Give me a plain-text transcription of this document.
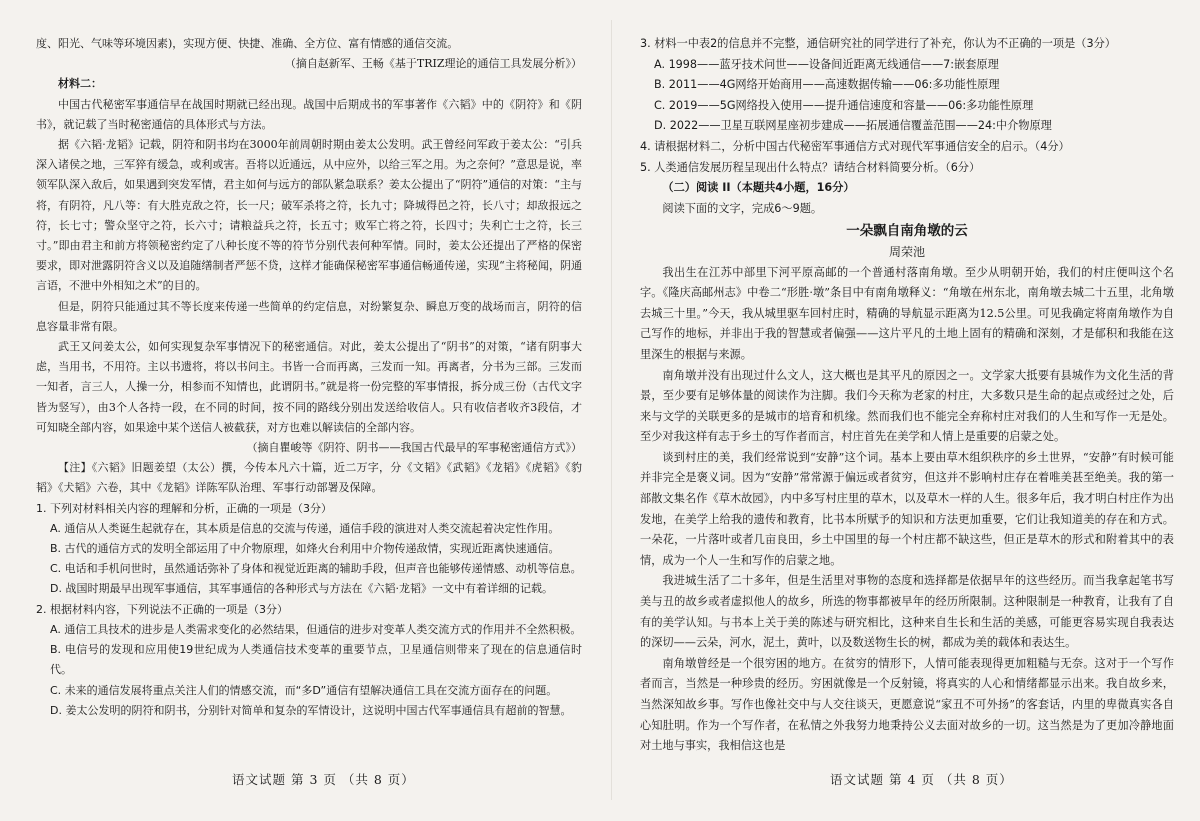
度、阳光、气味等环境因素)，实现方便、快捷、准确、全方位、富有情感的通信交流。

（摘自赵新军、王畅《基于TRIZ理论的通信工具发展分析》）

材料二：

中国古代秘密军事通信早在战国时期就已经出现。战国中后期成书的军事著作《六韬》中的《阴符》和《阴书》，就记载了当时秘密通信的具体形式与方法。

据《六韬·龙韬》记载，阴符和阴书均在3000年前周朝时期由姜太公发明。武王曾经问军政于姜太公：“引兵深入诸侯之地，三军猝有缓急，或利或害。吾将以近通远，从中应外，以给三军之用。为之奈何？”意思是说，率领军队深入敌后，如果遇到突发军情，君主如何与远方的部队紧急联系？姜太公提出了“阴符”通信的对策：“主与将，有阴符，凡八等：有大胜克敌之符，长一尺；破军杀将之符，长九寸；降城得邑之符，长八寸；却敌报远之符，长七寸；警众坚守之符，长六寸；请粮益兵之符，长五寸；败军亡将之符，长四寸；失利亡士之符，长三寸。”即由君主和前方将领秘密约定了八种长度不等的符节分别代表何种军情。同时，姜太公还提出了严格的保密要求，即对泄露阴符含义以及追随缮制者严惩不贷，这样才能确保秘密军事通信畅通传递，实现“主将秘闻，阴通言语，不泄中外相知之术”的目的。

但是，阴符只能通过其不等长度来传递一些简单的约定信息，对纷繁复杂、瞬息万变的战场而言，阴符的信息容量非常有限。

武王又问姜太公，如何实现复杂军事情况下的秘密通信。对此，姜太公提出了“阴书”的对策，“诸有阴事大虑，当用书，不用符。主以书遗将，将以书问主。书皆一合而再离，三发而一知。再离者，分书为三部。三发而一知者，言三人，人操一分，相参而不知情也，此谓阴书。”就是将一份完整的军事情报，拆分成三份（古代文字皆为竖写），由3个人各持一段，在不同的时间，按不同的路线分别出发送给收信人。只有收信者收齐3段信，才可知晓全部内容，如果途中某个送信人被截获，对方也难以解读信的全部内容。

（摘自瞿峻等《阴符、阴书——我国古代最早的军事秘密通信方式》）

【注】《六韬》旧题姜望（太公）撰，今传本凡六十篇，近二万字，分《文韬》《武韬》《龙韬》《虎韬》《豹韬》《犬韬》六卷，其中《龙韬》详陈军队治理、军事行动部署及保障。

1. 下列对材料相关内容的理解和分析，正确的一项是（3分）

A. 通信从人类诞生起就存在，其本质是信息的交流与传递，通信手段的演进对人类交流起着决定性作用。

B. 古代的通信方式的发明全部运用了中介物原理，如烽火台利用中介物传递敌情，实现近距离快速通信。

C. 电话和手机问世时，虽然通话弥补了身体和视觉近距离的辅助手段，但声音也能够传递情感、动机等信息。

D. 战国时期最早出现军事通信，其军事通信的各种形式与方法在《六韬·龙韬》一文中有着详细的记载。

2. 根据材料内容，下列说法不正确的一项是（3分）

A. 通信工具技术的进步是人类需求变化的必然结果，但通信的进步对变革人类交流方式的作用并不全然积极。

B. 电信号的发现和应用使19世纪成为人类通信技术变革的重要节点，卫星通信则带来了现在的信息通信时代。

C. 未来的通信发展将重点关注人们的情感交流，而“多D”通信有望解决通信工具在交流方面存在的问题。

D. 姜太公发明的阴符和阴书，分别针对简单和复杂的军情设计，这说明中国古代军事通信具有超前的智慧。

语文试题 第 3 页 （共 8 页）

3. 材料一中表2的信息并不完整，通信研究社的同学进行了补充，你认为不正确的一项是（3分）

A. 1998——蓝牙技术问世——设备间近距离无线通信——7:嵌套原理

B. 2011——4G网络开始商用——高速数据传输——06:多功能性原理

C. 2019——5G网络投入使用——提升通信速度和容量——06:多功能性原理

D. 2022——卫星互联网星座初步建成——拓展通信覆盖范围——24:中介物原理

4. 请根据材料二，分析中国古代秘密军事通信方式对现代军事通信安全的启示。（4分）

5. 人类通信发展历程呈现出什么特点？请结合材料简要分析。（6分）

（二）阅读 II（本题共4小题，16分）

阅读下面的文字，完成6～9题。

一朵飘自南角墩的云

周荣池

我出生在江苏中部里下河平原高邮的一个普通村落南角墩。至少从明朝开始，我们的村庄便叫这个名字。《隆庆高邮州志》中卷二“形胜·墩”条目中有南角墩释义：“角墩在州东北，南角墩去城二十五里，北角墩去城三十里。”今天，我从城里驱车回村庄时，精确的导航显示距离为12.5公里。可见我确定将南角墩作为自己写作的地标，并非出于我的智慧或者偏强——这片平凡的土地上固有的精确和深刻，才是郁积和我能在这里深生的根据与来源。

南角墩并没有出现过什么文人，这大概也是其平凡的原因之一。文学家大抵要有县城作为文化生活的背景，至少要有足够体量的阅读作为注脚。我们今天称为老家的村庄，大多数只是生命的起点或经过之处，后来与文学的关联更多的是城市的培育和机缘。然而我们也不能完全弃称村庄对我们的人生和写作一无是处。至少对我这样有志于乡土的写作者而言，村庄首先在美学和人情上是重要的启蒙之处。

谈到村庄的美，我们经常说到“安静”这个词。基本上要由草木组织秩序的乡土世界，“安静”有时候可能并非完全是褒义词。因为“安静”常常源于偏远或者贫穷，但这并不影响村庄存在着唯美甚至绝美。我的第一部散文集名作《草木故园》，内中多写村庄里的草木，以及草木一样的人生。很多年后，我才明白村庄作为出发地，在美学上给我的遗传和教育，比书本所赋予的知识和方法更加重要，它们让我知道美的存在和方式。一朵花，一片落叶或者几亩良田，乡土中国里的每一个村庄都不缺这些，但正是草木的形式和附着其中的表情，成为一个人一生和写作的启蒙之地。

我进城生活了二十多年，但是生活里对事物的态度和选择都是依据早年的这些经历。而当我拿起笔书写美与丑的故乡或者虚拟他人的故乡，所选的物事都被早年的经历所限制。这种限制是一种教育，让我有了自有的美学认知。与书本上关于美的陈述与研究相比，这种来自生长和生活的美感，可能更容易实现自我表达的深切——云朵，河水，泥土，黄叶，以及数送物生长的树，都成为美的载体和表达生。

南角墩曾经是一个很穷困的地方。在贫穷的情形下，人情可能表现得更加粗糙与无奈。这对于一个写作者而言，当然是一种珍贵的经历。穷困就像是一个反射镜，将真实的人心和情绪都显示出来。我自故乡来，当然深知故乡事。写作也像社交中与人交往谈天，更愿意说“家丑不可外扬”的客套话，内里的卑微真实各自心知肚明。作为一个写作者，在私情之外我努力地秉持公义去面对故乡的一切。这当然是为了更加冷静地面对土地与事实，我相信这也是

语文试题 第 4 页 （共 8 页）
